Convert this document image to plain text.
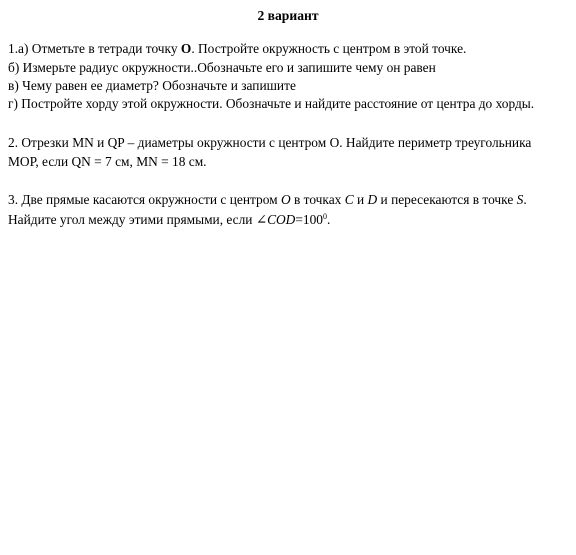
2 вариант
1.а) Отметьте в тетради точку О. Постройте окружность с центром в этой точке.
б) Измерьте радиус окружности..Обозначьте его и запишите чему он равен
в) Чему равен ее диаметр? Обозначьте и запишите
г) Постройте хорду этой окружности. Обозначьте и найдите расстояние от центра до хорды.
2. Отрезки MN и QP – диаметры окружности с центром О. Найдите периметр треугольника
МОР, если QN = 7 см, MN = 18 см.
3. Две прямые касаются окружности с центром O в точках C и D и пересекаются в точке S.
Найдите угол между этими прямыми, если $\angle COD=100^0$.
